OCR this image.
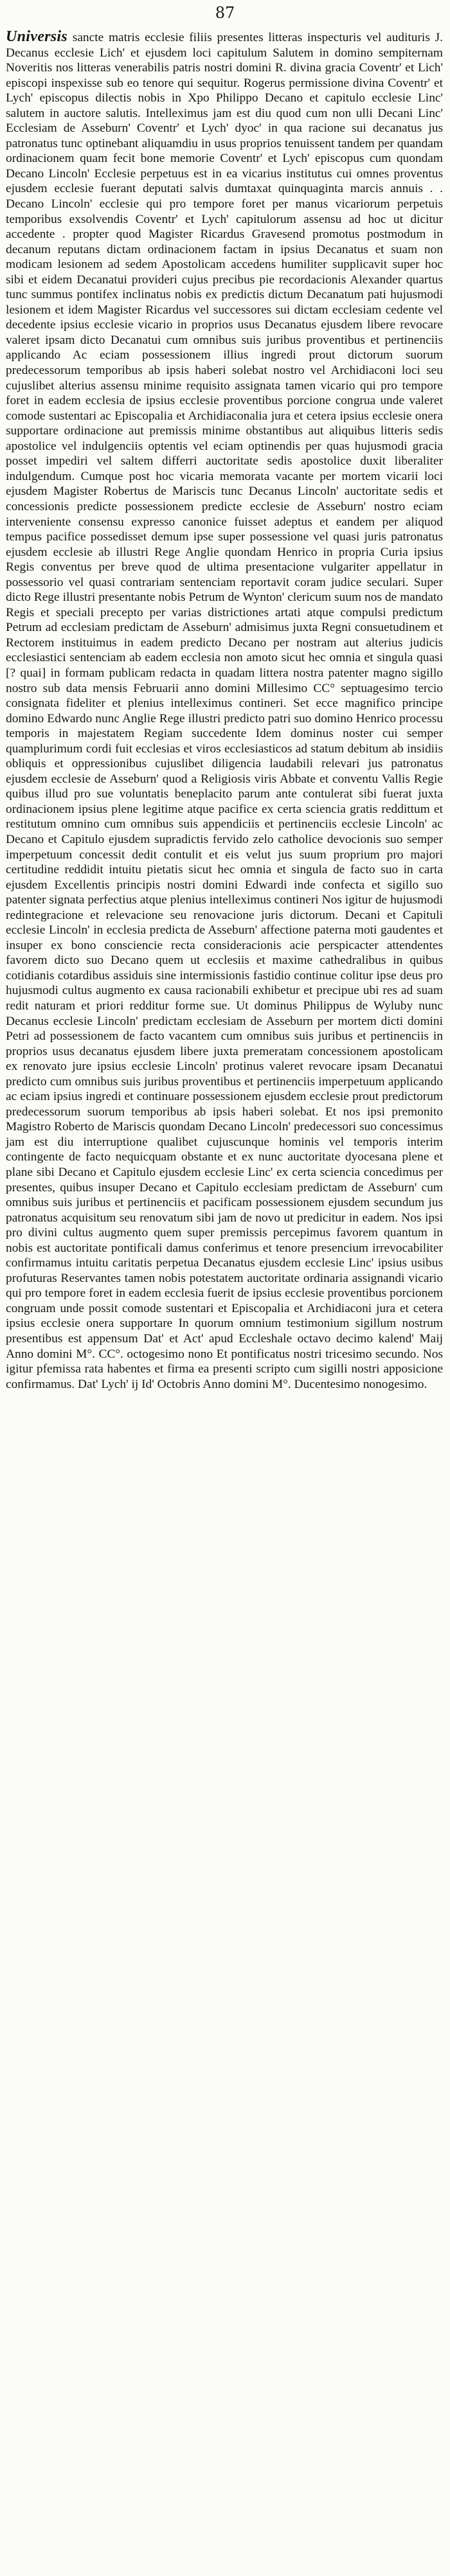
87
Universis sancte matris ecclesie filiis presentes litteras inspecturis vel audituris J. Decanus ecclesie Lich' et ejusdem loci capitulum Salutem in domino sempiternam Noveritis nos litteras venerabilis patris nostri domini R. divina gracia Coventr' et Lich' episcopi inspexisse sub eo tenore qui sequitur. Rogerus permissione divina Coventr' et Lych' episcopus dilectis nobis in Xpo Philippo Decano et capitulo ecclesie Linc' salutem in auctore salutis. Intelleximus jam est diu quod cum non ulli Decani Linc' Ecclesiam de Asseburn' Coventr' et Lych' dyoc' in qua racione sui decanatus jus patronatus tunc optinebant aliquamdiu in usus proprios tenuissent tandem per quandam ordinacionem quam fecit bone memorie Coventr' et Lych' episcopus cum quondam Decano Lincoln' Ecclesie perpetuus est in ea vicarius institutus cui omnes proventus ejusdem ecclesie fuerant deputati salvis dumtaxat quinquaginta marcis annuis . . Decano Lincoln' ecclesie qui pro tempore foret per manus vicariorum perpetuis temporibus exsolvendis Coventr' et Lych' capitulorum assensu ad hoc ut dicitur accedente . propter quod Magister Ricardus Gravesend promotus postmodum in decanum reputans dictam ordinacionem factam in ipsius Decanatus et suam non modicam lesionem ad sedem Apostolicam accedens humiliter supplicavit super hoc sibi et eidem Decanatui provideri cujus precibus pie recordacionis Alexander quartus tunc summus pontifex inclinatus nobis ex predictis dictum Decanatum pati hujusmodi lesionem et idem Magister Ricardus vel successores sui dictam ecclesiam cedente vel decedente ipsius ecclesie vicario in proprios usus Decanatus ejusdem libere revocare valeret ipsam dicto Decanatui cum omnibus suis juribus proventibus et pertinenciis applicando Ac eciam possessionem illius ingredi prout dictorum suorum predecessorum temporibus ab ipsis haberi solebat nostro vel Archidiaconi loci seu cujuslibet alterius assensu minime requisito assignata tamen vicario qui pro tempore foret in eadem ecclesia de ipsius ecclesie proventibus porcione congrua unde valeret comode sustentari ac Episcopalia et Archidiaconalia jura et cetera ipsius ecclesie onera supportare ordinacione aut premissis minime obstantibus aut aliquibus litteris sedis apostolice vel indulgenciis optentis vel eciam optinendis per quas hujusmodi gracia posset impediri vel saltem differri auctoritate sedis apostolice duxit liberaliter indulgendum. Cumque post hoc vicaria memorata vacante per mortem vicarii loci ejusdem Magister Robertus de Mariscis tunc Decanus Lincoln' auctoritate sedis et concessionis predicte possessionem predicte ecclesie de Asseburn' nostro eciam interveniente consensu expresso canonice fuisset adeptus et eandem per aliquod tempus pacifice possedisset demum ipse super possessione vel quasi juris patronatus ejusdem ecclesie ab illustri Rege Anglie quondam Henrico in propria Curia ipsius Regis conventus per breve quod de ultima presentacione vulgariter appellatur in possessorio vel quasi contrariam sentenciam reportavit coram judice seculari. Super dicto Rege illustri presentante nobis Petrum de Wynton' clericum suum nos de mandato Regis et speciali precepto per varias districtiones artati atque compulsi predictum Petrum ad ecclesiam predictam de Asseburn' admisimus juxta Regni consuetudinem et Rectorem instituimus in eadem predicto Decano per nostram aut alterius judicis ecclesiastici sentenciam ab eadem ecclesia non amoto sicut hec omnia et singula quasi [? quai] in formam publicam redacta in quadam littera nostra patenter magno sigillo nostro sub data mensis Februarii anno domini Millesimo CC° septuagesimo tercio consignata fideliter et plenius intelleximus contineri. Set ecce magnifico principe domino Edwardo nunc Anglie Rege illustri predicto patri suo domino Henrico processu temporis in majestatem Regiam succedente Idem dominus noster cui semper quamplurimum cordi fuit ecclesias et viros ecclesiasticos ad statum debitum ab insidiis obliquis et oppressionibus cujuslibet diligencia laudabili relevari jus patronatus ejusdem ecclesie de Asseburn' quod a Religiosis viris Abbate et conventu Vallis Regie quibus illud pro sue voluntatis beneplacito parum ante contulerat sibi fuerat juxta ordinacionem ipsius plene legitime atque pacifice ex certa sciencia gratis reddittum et restitutum omnino cum omnibus suis appendiciis et pertinenciis ecclesie Lincoln' ac Decano et Capitulo ejusdem supradictis fervido zelo catholice devocionis suo semper imperpetuum concessit dedit contulit et eis velut jus suum proprium pro majori certitudine reddidit intuitu pietatis sicut hec omnia et singula de facto suo in carta ejusdem Excellentis principis nostri domini Edwardi inde confecta et sigillo suo patenter signata perfectius atque plenius intelleximus contineri Nos igitur de hujusmodi redintegracione et relevacione seu renovacione juris dictorum. Decani et Capituli ecclesie Lincoln' in ecclesia predicta de Asseburn' affectione paterna moti gaudentes et insuper ex bono consciencie recta consideracionis acie perspicacter attendentes favorem dicto suo Decano quem ut ecclesiis et maxime cathedralibus in quibus cotidianis cotardibus assiduis sine intermissionis fastidio continue colitur ipse deus pro hujusmodi cultus augmento ex causa racionabili exhibetur et precipue ubi res ad suam redit naturam et priori redditur forme sue. Ut dominus Philippus de Wyluby nunc Decanus ecclesie Lincoln' predictam ecclesiam de Asseburn per mortem dicti domini Petri ad possessionem de facto vacantem cum omnibus suis juribus et pertinenciis in proprios usus decanatus ejusdem libere juxta premeratam concessionem apostolicam ex renovato jure ipsius ecclesie Lincoln' protinus valeret revocare ipsam Decanatui predicto cum omnibus suis juribus proventibus et pertinenciis imperpetuum applicando ac eciam ipsius ingredi et continuare possessionem ejusdem ecclesie prout predictorum predecessorum suorum temporibus ab ipsis haberi solebat. Et nos ipsi premonito Magistro Roberto de Mariscis quondam Decano Lincoln' predecessori suo concessimus jam est diu interruptione qualibet cujuscunque hominis vel temporis interim contingente de facto nequicquam obstante et ex nunc auctoritate dyocesana plene et plane sibi Decano et Capitulo ejusdem ecclesie Linc' ex certa sciencia concedimus per presentes, quibus insuper Decano et Capitulo ecclesiam predictam de Asseburn' cum omnibus suis juribus et pertinenciis et pacificam possessionem ejusdem secundum jus patronatus acquisitum seu renovatum sibi jam de novo ut predicitur in eadem. Nos ipsi pro divini cultus augmento quem super premissis percepimus favorem quantum in nobis est auctoritate pontificali damus conferimus et tenore presencium irrevocabiliter confirmamus intuitu caritatis perpetua Decanatus ejusdem ecclesie Linc' ipsius usibus profuturas Reservantes tamen nobis potestatem auctoritate ordinaria assignandi vicario qui pro tempore foret in eadem ecclesia fuerit de ipsius ecclesie proventibus porcionem congruam unde possit comode sustentari et Episcopalia et Archidiaconi jura et cetera ipsius ecclesie onera supportare In quorum omnium testimonium sigillum nostrum presentibus est appensum Dat' et Act' apud Eccleshale octavo decimo kalend' Maij Anno domini M°. CC°. octogesimo nono Et pontificatus nostri tricesimo secundo. Nos igitur pfemissa rata habentes et firma ea presenti scripto cum sigilli nostri apposicione confirmamus. Dat' Lych' ij Id' Octobris Anno domini M°. Ducentesimo nonogesimo.
